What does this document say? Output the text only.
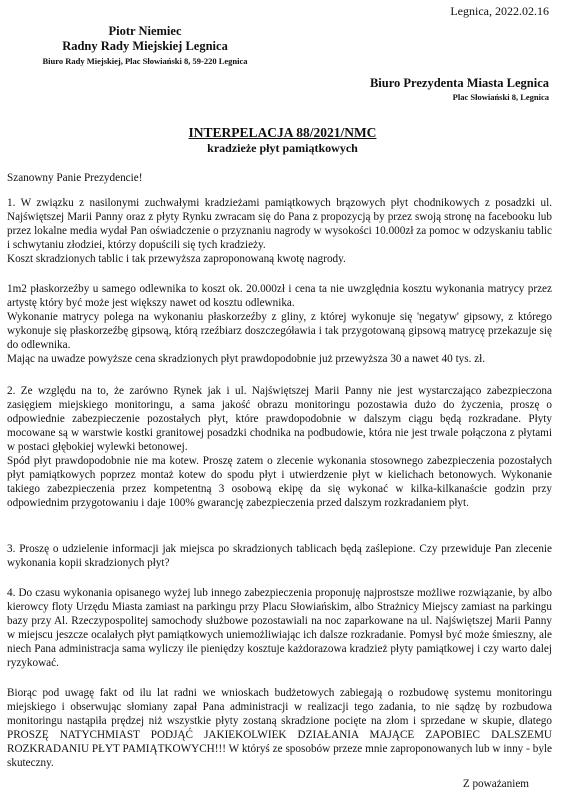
Legnica, 2022.02.16
Piotr Niemiec
Radny Rady Miejskiej Legnica
Biuro Rady Miejskiej, Plac Słowiański 8, 59-220 Legnica
Biuro Prezydenta Miasta Legnica
Plac Słowiański 8, Legnica
INTERPELACJA 88/2021/NMC
kradzieże płyt pamiątkowych
Szanowny Panie Prezydencie!

1. W związku z nasilonymi zuchwałymi kradzieżami pamiątkowych brązowych płyt chodnikowych z posadzki ul. Najświętszej Marii Panny oraz z płyty Rynku zwracam się do Pana z propozycją by przez swoją stronę na facebooku lub przez lokalne media wydał Pan oświadczenie o przyznaniu nagrody w wysokości 10.000zł za pomoc w odzyskaniu tablic i schwytaniu złodziei, którzy dopuścili się tych kradzieży.

Koszt skradzionych tablic i tak przewyższa zaproponowaną kwotę nagrody.

1m2 płaskorzeźby u samego odlewnika to koszt ok. 20.000zł i cena ta nie uwzględnia kosztu wykonania matrycy przez artystę który być może jest większy nawet od kosztu odlewnika.

Wykonanie matrycy polega na wykonaniu płaskorzeźby z gliny, z której wykonuje się 'negatyw' gipsowy, z którego wykonuje się płaskorzeźbę gipsową, którą rzeźbiarz doszczegóławia i tak przygotowaną gipsową matrycę przekazuje się do odlewnika.

Mając na uwadze powyższe cena skradzionych płyt prawdopodobnie już przewyższa 30 a nawet 40 tys. zł.

2. Ze względu na to, że zarówno Rynek jak i ul. Najświętszej Marii Panny nie jest wystarczająco zabezpieczona zasięgiem miejskiego monitoringu, a sama jakość obrazu monitoringu pozostawia dużo do życzenia, proszę o odpowiednie zabezpieczenie pozostałych płyt, które prawdopodobnie w dalszym ciągu będą rozkradane. Płyty mocowane są w warstwie kostki granitowej posadzki chodnika na podbudowie, która nie jest trwale połączona z płytami w postaci głębokiej wylewki betonowej.

Spód płyt prawdopodobnie nie ma kotew. Proszę zatem o zlecenie wykonania stosownego zabezpieczenia pozostałych płyt pamiątkowych poprzez montaż kotew do spodu płyt i utwierdzenie płyt w kielichach betonowych. Wykonanie takiego zabezpieczenia przez kompetentną 3 osobową ekipę da się wykonać w kilka-kilkanaście godzin przy odpowiednim przygotowaniu i daje 100% gwarancję zabezpieczenia przed dalszym rozkradaniem płyt.

3. Proszę o udzielenie informacji jak miejsca po skradzionych tablicach będą zaślepione. Czy przewiduje Pan zlecenie wykonania kopii skradzionych płyt?

4. Do czasu wykonania opisanego wyżej lub innego zabezpieczenia proponuję najprostsze możliwe rozwiązanie, by albo kierowcy floty Urzędu Miasta zamiast na parkingu przy Placu Słowiańskim, albo Strażnicy Miejscy zamiast na parkingu bazy przy Al. Rzeczypospolitej samochody służbowe pozostawiali na noc zaparkowane na ul. Najświętszej Marii Panny w miejscu jeszcze ocalałych płyt pamiątkowych uniemożliwiając ich dalsze rozkradanie. Pomysł być może śmieszny, ale niech Pana administracja sama wyliczy ile pieniędzy kosztuje każdorazowa kradzież płyty pamiątkowej i czy warto dalej ryzykować.

Biorąc pod uwagę fakt od ilu lat radni we wnioskach budżetowych zabiegają o rozbudowę systemu monitoringu miejskiego i obserwując słomiany zapał Pana administracji w realizacji tego zadania, to nie sądzę by rozbudowa monitoringu nastąpiła prędzej niż wszystkie płyty zostaną skradzione pocięte na złom i sprzedane w skupie, dlatego PROSZĘ NATYCHMIAST PODJĄĆ JAKIEKOLWIEK DZIAŁANIA MAJĄCE ZAPOBIEC DALSZEMU ROZKRADANIU PŁYT PAMIĄTKOWYCH!!! W któryś ze sposobów przeze mnie zaproponowanych lub w inny - byle skuteczny.

Z poważaniem
